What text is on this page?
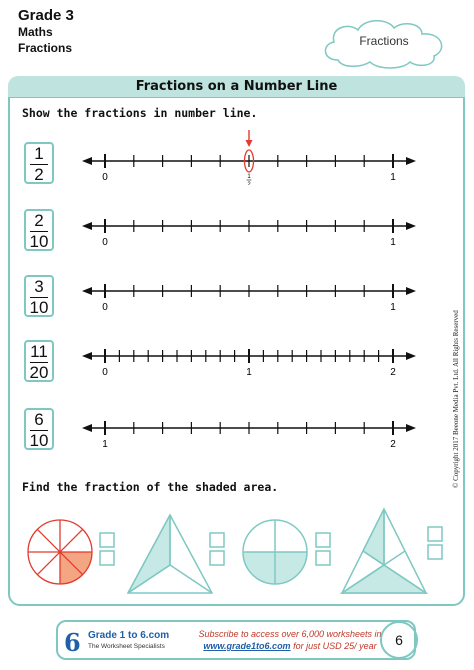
Grade 3
Maths
Fractions	Fractions
Fractions on a Number Line
Show the fractions in number line.
1
2
2
10
3
10
11
20
6
10
0	1
1
2
0	1
0	1
0	2
1
1	2	© Copyright 2017 Beeone Media Pvt. Ltd. All Rights Reserved
Find the fraction of the shaded area.
6 Grade 1 to 6.com
The Worksheet Specialists
Subscribe to access over 6,000 worksheets in
www.grade1to6.com for just USD 25/ year	6
